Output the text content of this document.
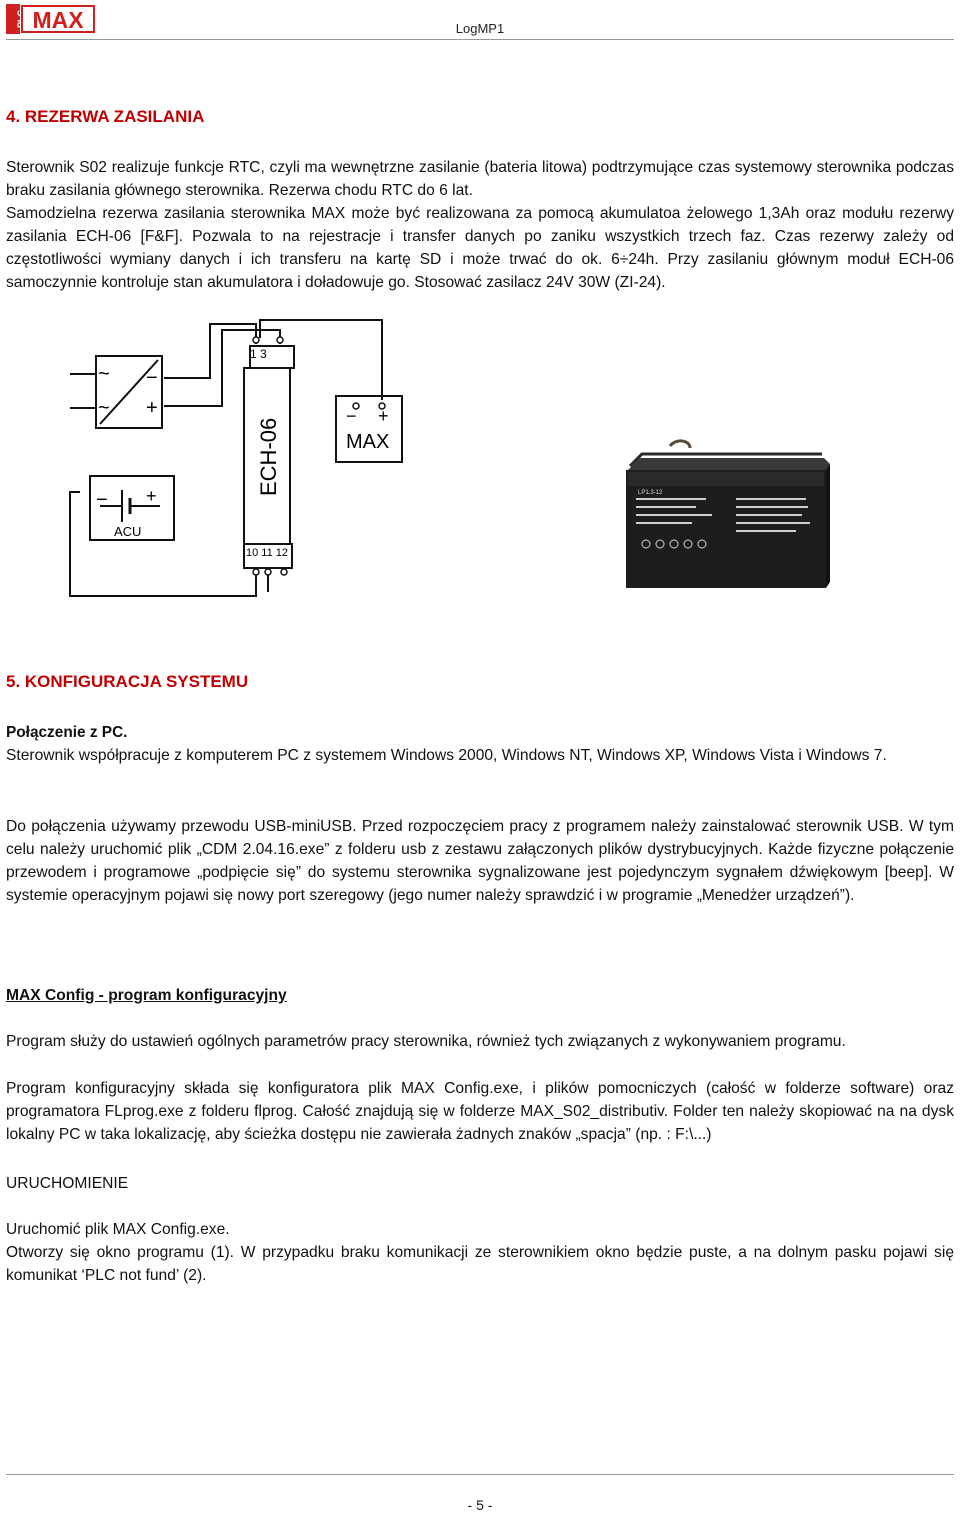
PLC MAX	LogMP1
4. REZERWA ZASILANIA
Sterownik S02 realizuje funkcje RTC, czyli ma wewnętrzne zasilanie (bateria litowa) podtrzymujące czas systemowy sterownika podczas braku zasilania głównego sterownika. Rezerwa chodu RTC do 6 lat.
Samodzielna rezerwa zasilania sterownika MAX może być realizowana za pomocą akumulatoa żelowego 1,3Ah oraz modułu rezerwy zasilania ECH-06 [F&F]. Pozwala to na rejestracje i transfer danych po zaniku wszystkich trzech faz. Czas rezerwy zależy od częstotliwości wymiany danych i ich transferu na kartę SD i może trwać do ok. 6÷24h. Przy zasilaniu głównym moduł ECH-06 samoczynnie kontroluje stan akumulatora i doładowuje go. Stosować zasilacz 24V 30W (ZI-24).
~
~
−
+
1 3
10 11 12
ECH-06
− +
MAX
− +
ACU
LP1.3-12
5. KONFIGURACJA SYSTEMU
Połączenie z PC.
Sterownik współpracuje z komputerem PC z systemem Windows 2000, Windows NT, Windows XP, Windows Vista i Windows 7.
Do połączenia używamy przewodu USB-miniUSB. Przed rozpoczęciem pracy z programem należy zainstalować sterownik USB. W tym celu należy uruchomić plik „CDM 2.04.16.exe” z folderu usb z zestawu załączonych plików dystrybucyjnych. Każde fizyczne połączenie przewodem i programowe „podpięcie się” do systemu sterownika sygnalizowane jest pojedynczym sygnałem dźwiękowym [beep]. W systemie operacyjnym pojawi się nowy port szeregowy (jego numer należy sprawdzić i w programie „Menedżer urządzeń”).
MAX Config - program konfiguracyjny
Program służy do ustawień ogólnych parametrów pracy sterownika, również tych związanych z wykonywaniem programu.
Program konfiguracyjny składa się konfiguratora plik MAX Config.exe, i plików pomocniczych (całość w folderze software) oraz programatora FLprog.exe z folderu flprog. Całość znajdują się w folderze MAX_S02_distributiv. Folder ten należy skopiować na na dysk lokalny PC w taka lokalizację, aby ścieżka dostępu nie zawierała żadnych znaków „spacja” (np. : F:\...)
URUCHOMIENIE
Uruchomić plik MAX Config.exe.
Otworzy się okno programu (1). W przypadku braku komunikacji ze sterownikiem okno będzie puste, a na dolnym pasku pojawi się komunikat ‘PLC not fund’ (2).
- 5 -
